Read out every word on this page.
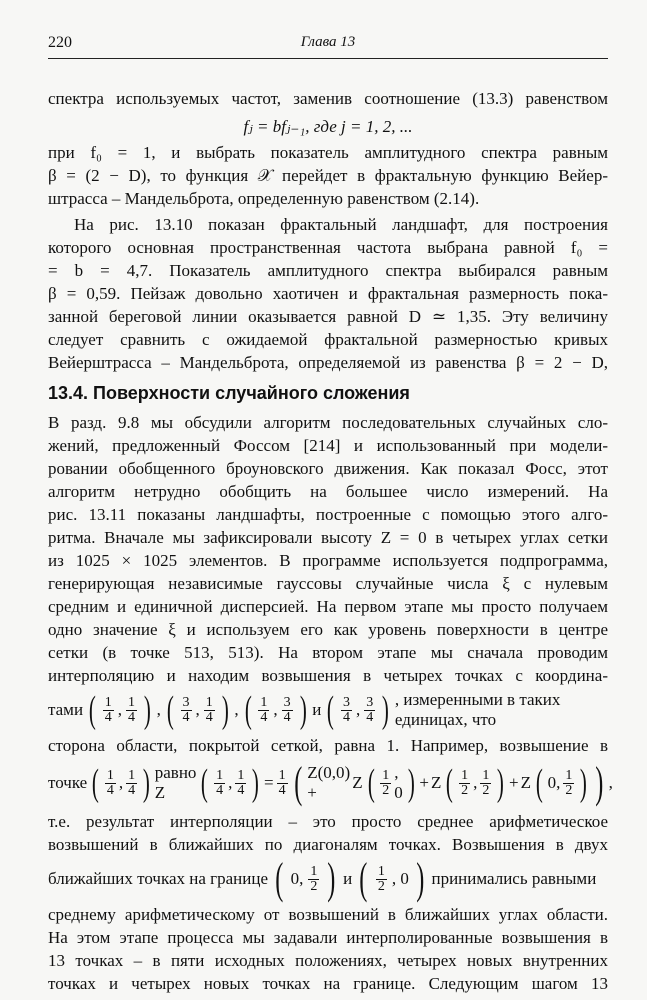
220	Глава 13
спектра используемых частот, заменив соотношение (13.3) равенством
fⱼ = bfⱼ₋₁, где j = 1, 2, ...
при f₀ = 1, и выбрать показатель амплитудного спектра равным
β = (2 − D), то функция 𝒳 перейдет в фрактальную функцию Вейер-
штрасса – Мандельброта, определенную равенством (2.14).
На рис. 13.10 показан фрактальный ландшафт, для построения
которого основная пространственная частота выбрана равной f₀ =
= b = 4,7. Показатель амплитудного спектра выбирался равным
β = 0,59. Пейзаж довольно хаотичен и фрактальная размерность пока-
занной береговой линии оказывается равной D ≃ 1,35. Эту величину
следует сравнить с ожидаемой фрактальной размерностью кривых
Вейерштрасса – Мандельброта, определяемой из равенства β = 2 − D,
13.4. Поверхности случайного сложения
В разд. 9.8 мы обсудили алгоритм последовательных случайных сло-
жений, предложенный Фоссом [214] и использованный при модели-
ровании обобщенного броуновского движения. Как показал Фосс, этот
алгоритм нетрудно обобщить на большее число измерений. На
рис. 13.11 показаны ландшафты, построенные с помощью этого алго-
ритма. Вначале мы зафиксировали высоту Z = 0 в четырех углах сетки
из 1025 × 1025 элементов. В программе используется подпрограмма,
генерирующая независимые гауссовы случайные числа ξ с нулевым
средним и единичной дисперсией. На первом этапе мы просто получаем
одно значение ξ и используем его как уровень поверхности в центре
сетки (в точке 513, 513). На втором этапе мы сначала проводим
интерполяцию и находим возвышения в четырех точках с координа-
тами ( $\frac{1}{4}$ , $\frac{1}{4}$ ) , ( $\frac{3}{4}$ , $\frac{1}{4}$ ) , ( $\frac{1}{4}$ , $\frac{3}{4}$ ) и ( $\frac{3}{4}$ , $\frac{3}{4}$ ) , измеренными в таких единицах, что
сторона области, покрытой сеткой, равна 1. Например, возвышение в
точке ( $\frac{1}{4}$ , $\frac{1}{4}$ ) равно Z ( $\frac{1}{4}$ , $\frac{1}{4}$ ) = $\frac{1}{4}$ ( Z(0,0) +
Z ( $\frac{1}{2}$ , 0 ) + Z ( $\frac{1}{2}$ , $\frac{1}{2}$ ) + Z ( 0, $\frac{1}{2}$ ) ) ,
т.е. результат интерполяции – это просто среднее арифметическое
возвышений в ближайших по диагоналям точках. Возвышения в двух
ближайших точках на границе ( 0, $\frac{1}{2}$ ) и ( $\frac{1}{2}$ , 0 ) принимались равными
среднему арифметическому от возвышений в ближайших углах области.
На этом этапе процесса мы задавали интерполированные возвышения в
13 точках – в пяти исходных положениях, четырех новых внутренних
точках и четырех новых точках на границе. Следующим шагом 13
